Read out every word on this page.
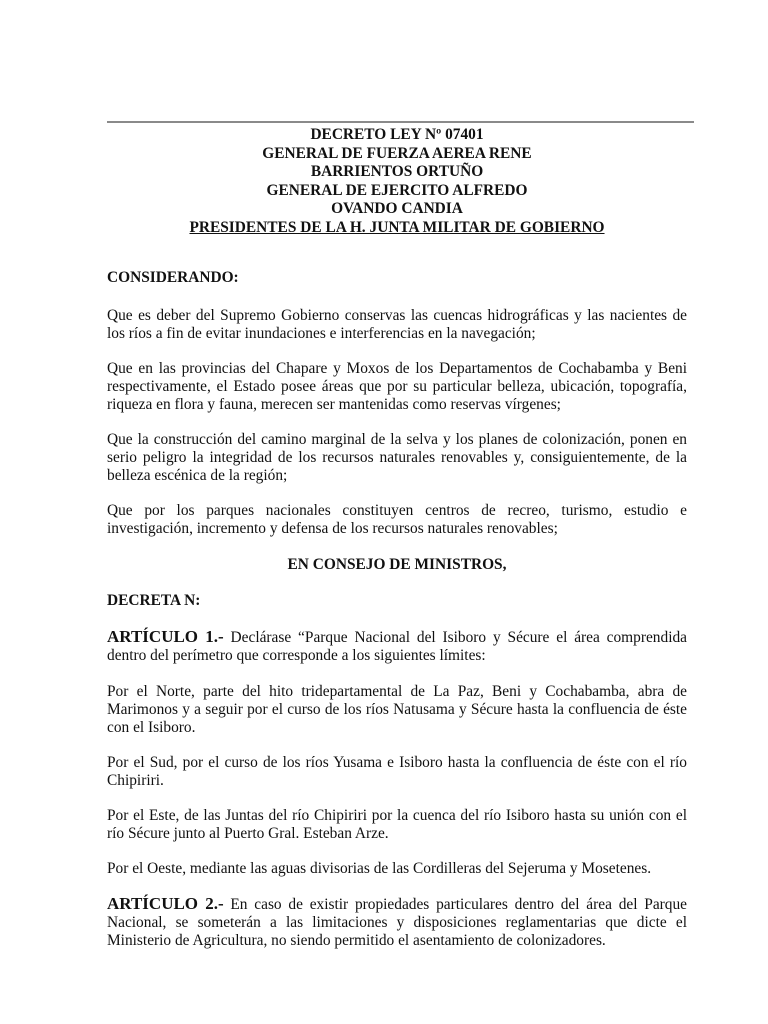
DECRETO LEY Nº 07401
GENERAL DE FUERZA AEREA RENE
BARRIENTOS ORTUÑO
GENERAL DE EJERCITO ALFREDO
OVANDO CANDIA
PRESIDENTES DE LA H. JUNTA MILITAR DE GOBIERNO

CONSIDERANDO:

Que es deber del Supremo Gobierno conservas las cuencas hidrográficas y las nacientes de los ríos a fin de evitar inundaciones e interferencias en la navegación;

Que en las provincias del Chapare y Moxos de los Departamentos de Cochabamba y Beni respectivamente, el Estado posee áreas que por su particular belleza, ubicación, topografía, riqueza en flora y fauna, merecen ser mantenidas como reservas vírgenes;

Que la construcción del camino marginal de la selva y los planes de colonización, ponen en serio peligro la integridad de los recursos naturales renovables y, consiguientemente, de la belleza escénica de la región;

Que por los parques nacionales constituyen centros de recreo, turismo, estudio e investigación, incremento y defensa de los recursos naturales renovables;

EN CONSEJO DE MINISTROS,

DECRETA N:

ARTÍCULO 1.- Declárase “Parque Nacional del Isiboro y Sécure el área comprendida dentro del perímetro que corresponde a los siguientes límites:

Por el Norte, parte del hito tridepartamental de La Paz, Beni y Cochabamba, abra de Marimonos y a seguir por el curso de los ríos Natusama y Sécure hasta la confluencia de éste con el Isiboro.

Por el Sud, por el curso de los ríos Yusama e Isiboro hasta la confluencia de éste con el río Chipiriri.

Por el Este, de las Juntas del río Chipiriri por la cuenca del río Isiboro hasta su unión con el río Sécure junto al Puerto Gral. Esteban Arze.

Por el Oeste, mediante las aguas divisorias de las Cordilleras del Sejeruma y Mosetenes.

ARTÍCULO 2.- En caso de existir propiedades particulares dentro del área del Parque Nacional, se someterán a las limitaciones y disposiciones reglamentarias que dicte el Ministerio de Agricultura, no siendo permitido el asentamiento de colonizadores.
